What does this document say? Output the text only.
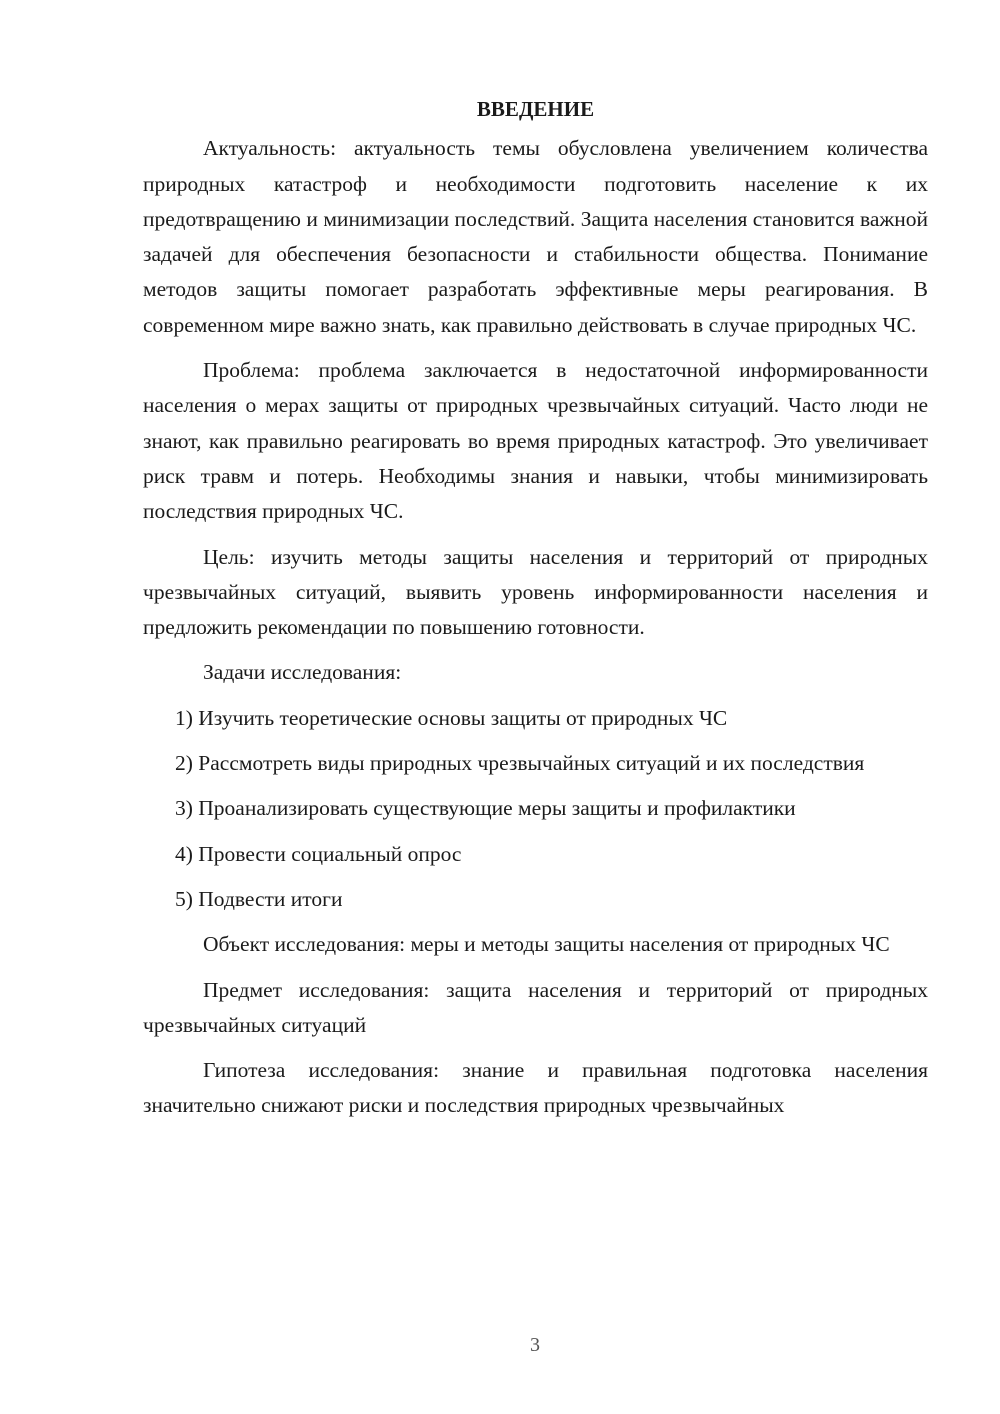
ВВЕДЕНИЕ

Актуальность: актуальность темы обусловлена увеличением количества природных катастроф и необходимости подготовить население к их предотвращению и минимизации последствий. Защита населения становится важной задачей для обеспечения безопасности и стабильности общества. Понимание методов защиты помогает разработать эффективные меры реагирования. В современном мире важно знать, как правильно действовать в случае природных ЧС.

Проблема: проблема заключается в недостаточной информированности населения о мерах защиты от природных чрезвычайных ситуаций. Часто люди не знают, как правильно реагировать во время природных катастроф. Это увеличивает риск травм и потерь. Необходимы знания и навыки, чтобы минимизировать последствия природных ЧС.

Цель: изучить методы защиты населения и территорий от природных чрезвычайных ситуаций, выявить уровень информированности населения и предложить рекомендации по повышению готовности.

Задачи исследования:

1) Изучить теоретические основы защиты от природных ЧС

2) Рассмотреть виды природных чрезвычайных ситуаций и их последствия

3) Проанализировать существующие меры защиты и профилактики

4) Провести социальный опрос

5) Подвести итоги

Объект исследования: меры и методы защиты населения от природных ЧС

Предмет исследования: защита населения и территорий от природных чрезвычайных ситуаций

Гипотеза исследования: знание и правильная подготовка населения значительно снижают риски и последствия природных чрезвычайных

3
